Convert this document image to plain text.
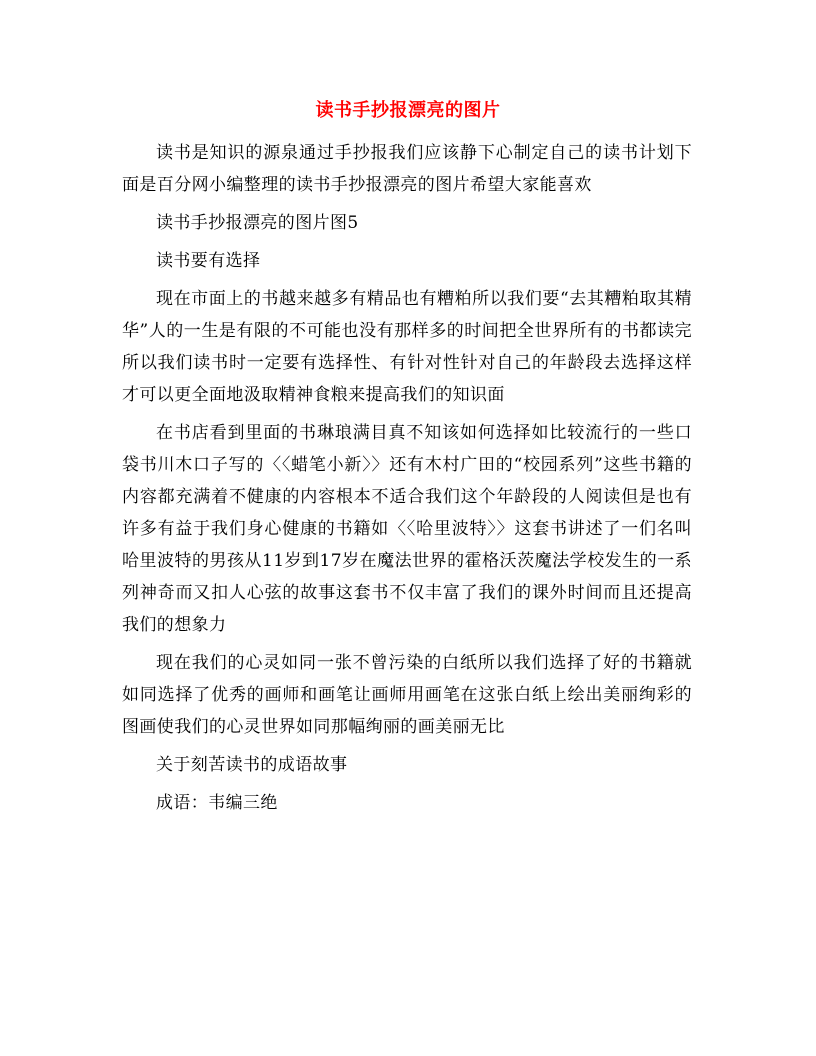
读书手抄报漂亮的图片

读书是知识的源泉通过手抄报我们应该静下心制定自己的读书计划下面是百分网小编整理的读书手抄报漂亮的图片希望大家能喜欢

读书手抄报漂亮的图片图5

读书要有选择

现在市面上的书越来越多有精品也有糟粕所以我们要“去其糟粕取其精华”人的一生是有限的不可能也没有那样多的时间把全世界所有的书都读完所以我们读书时一定要有选择性、有针对性针对自己的年龄段去选择这样才可以更全面地汲取精神食粮来提高我们的知识面

在书店看到里面的书琳琅满目真不知该如何选择如比较流行的一些口袋书川木口子写的〈〈蜡笔小新〉〉还有木村广田的“校园系列”这些书籍的内容都充满着不健康的内容根本不适合我们这个年龄段的人阅读但是也有许多有益于我们身心健康的书籍如〈〈哈里波特〉〉这套书讲述了一们名叫哈里波特的男孩从11岁到17岁在魔法世界的霍格沃茨魔法学校发生的一系列神奇而又扣人心弦的故事这套书不仅丰富了我们的课外时间而且还提高我们的想象力

现在我们的心灵如同一张不曾污染的白纸所以我们选择了好的书籍就如同选择了优秀的画师和画笔让画师用画笔在这张白纸上绘出美丽绚彩的图画使我们的心灵世界如同那幅绚丽的画美丽无比

关于刻苦读书的成语故事

成语：韦编三绝
